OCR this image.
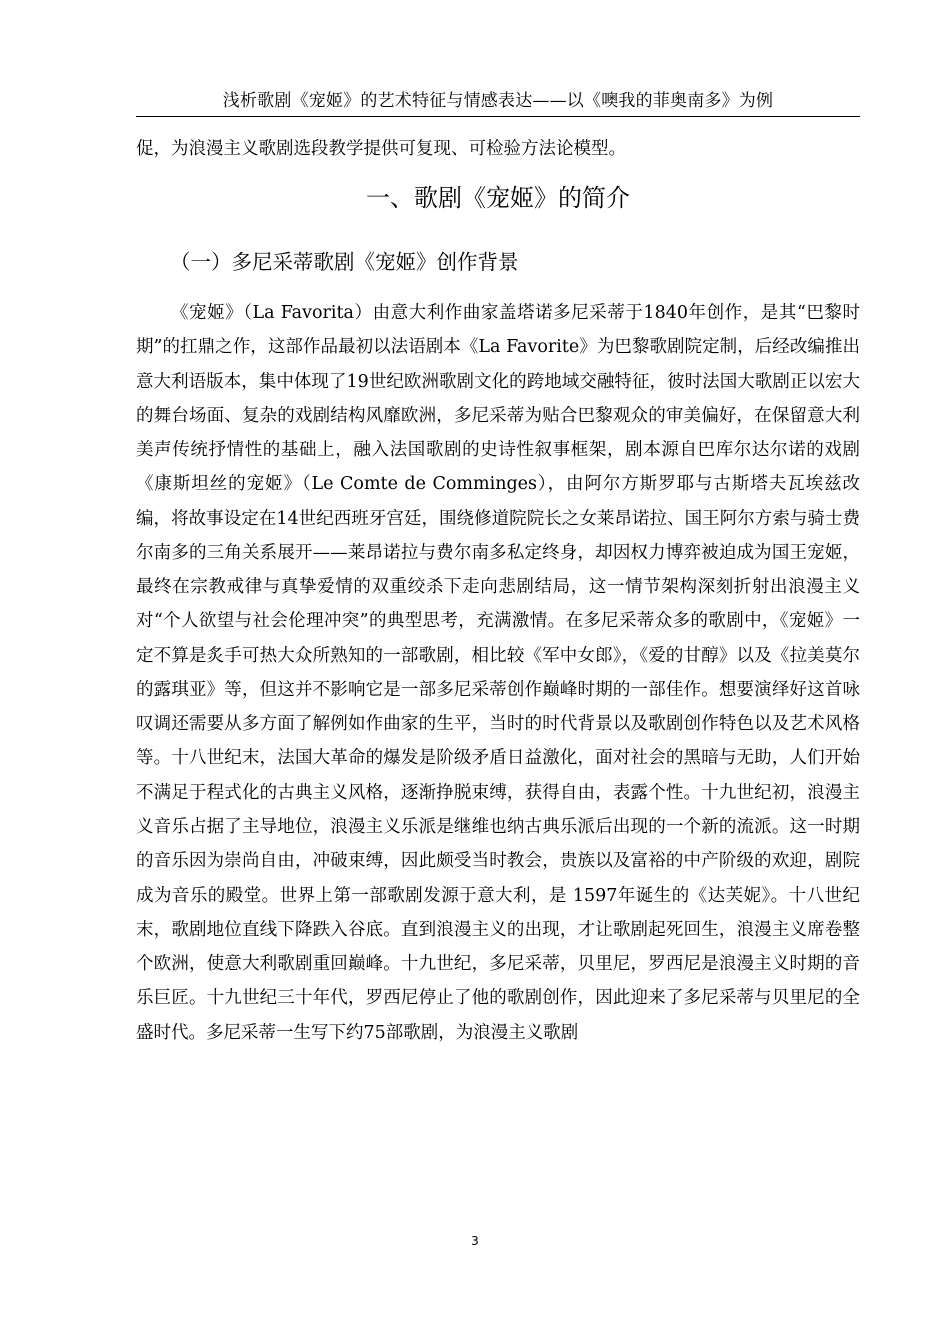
浅析歌剧《宠姬》的艺术特征与情感表达——以《噢我的菲奥南多》为例

促，为浪漫主义歌剧选段教学提供可复现、可检验方法论模型。

一、歌剧《宠姬》的简介
（一）多尼采蒂歌剧《宠姬》创作背景

《宠姬》（La Favorita）由意大利作曲家盖塔诺多尼采蒂于1840年创作，是其“巴黎时期”的扛鼎之作，这部作品最初以法语剧本《La Favorite》为巴黎歌剧院定制，后经改编推出意大利语版本，集中体现了19世纪欧洲歌剧文化的跨地域交融特征，彼时法国大歌剧正以宏大的舞台场面、复杂的戏剧结构风靡欧洲，多尼采蒂为贴合巴黎观众的审美偏好，在保留意大利美声传统抒情性的基础上，融入法国歌剧的史诗性叙事框架，剧本源自巴库尔达尔诺的戏剧《康斯坦丝的宠姬》（Le Comte de Comminges），由阿尔方斯罗耶与古斯塔夫瓦埃兹改编，将故事设定在14世纪西班牙宫廷，围绕修道院院长之女莱昂诺拉、国王阿尔方索与骑士费尔南多的三角关系展开——莱昂诺拉与费尔南多私定终身，却因权力博弈被迫成为国王宠姬，最终在宗教戒律与真挚爱情的双重绞杀下走向悲剧结局，这一情节架构深刻折射出浪漫主义对“个人欲望与社会伦理冲突”的典型思考，充满激情。在多尼采蒂众多的歌剧中，《宠姬》一定不算是炙手可热大众所熟知的一部歌剧，相比较《军中女郎》，《爱的甘醇》以及《拉美莫尔的露琪亚》等，但这并不影响它是一部多尼采蒂创作巅峰时期的一部佳作。想要演绎好这首咏叹调还需要从多方面了解例如作曲家的生平，当时的时代背景以及歌剧创作特色以及艺术风格等。十八世纪末，法国大革命的爆发是阶级矛盾日益激化，面对社会的黑暗与无助，人们开始不满足于程式化的古典主义风格，逐渐挣脱束缚，获得自由，表露个性。十九世纪初，浪漫主义音乐占据了主导地位，浪漫主义乐派是继维也纳古典乐派后出现的一个新的流派。这一时期的音乐因为崇尚自由，冲破束缚，因此颇受当时教会，贵族以及富裕的中产阶级的欢迎，剧院成为音乐的殿堂。世界上第一部歌剧发源于意大利，是 1597年诞生的《达芙妮》。十八世纪末，歌剧地位直线下降跌入谷底。直到浪漫主义的出现，才让歌剧起死回生，浪漫主义席卷整个欧洲，使意大利歌剧重回巅峰。十九世纪，多尼采蒂，贝里尼，罗西尼是浪漫主义时期的音乐巨匠。十九世纪三十年代，罗西尼停止了他的歌剧创作，因此迎来了多尼采蒂与贝里尼的全盛时代。多尼采蒂一生写下约75部歌剧，为浪漫主义歌剧

3
